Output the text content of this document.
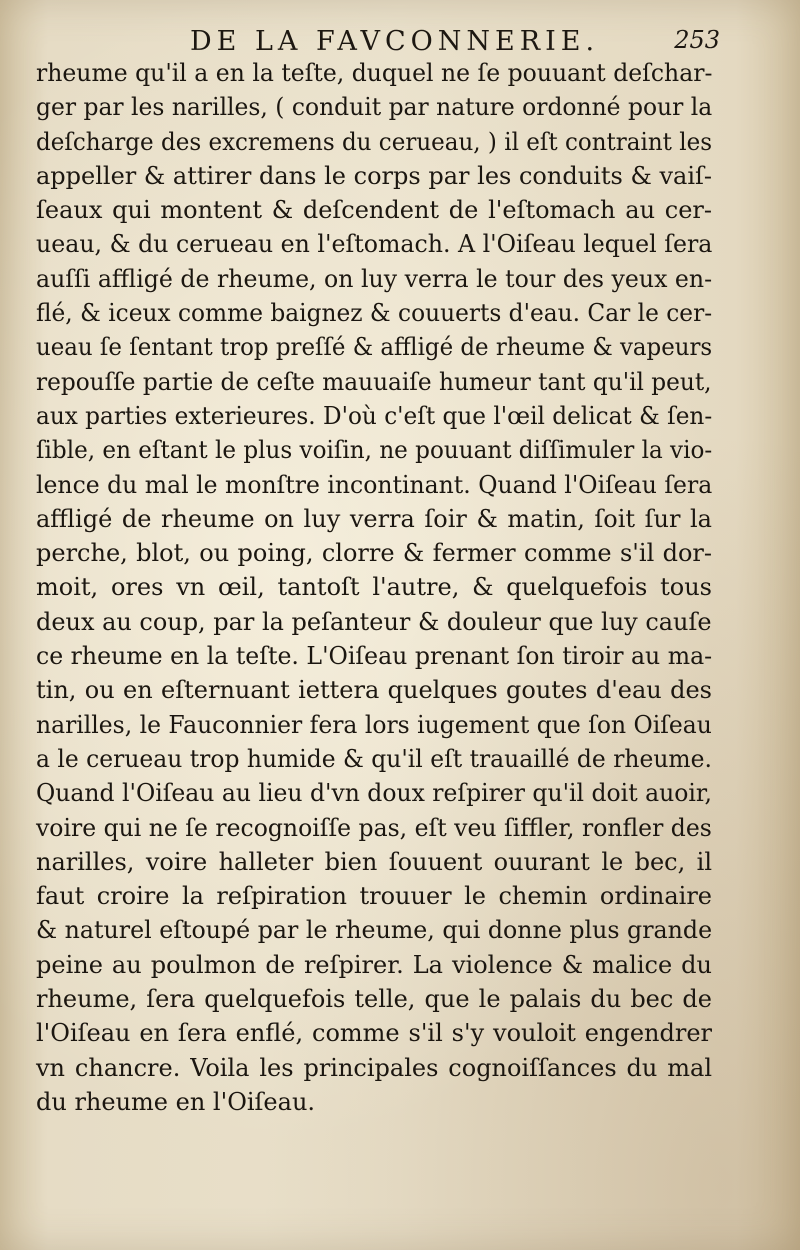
DE LA FAVCONNERIE.	253
rheume qu'il a en la teſte, duquel ne ſe pouuant deſchar-
ger par les narilles, ( conduit par nature ordonné pour la
deſcharge des excremens du cerueau, ) il eſt contraint les
appeller & attirer dans le corps par les conduits & vaiſ-
ſeaux qui montent & deſcendent de l'eſtomach au cer-
ueau, & du cerueau en l'eſtomach. A l'Oiſeau lequel ſera
auſſi affligé de rheume, on luy verra le tour des yeux en-
flé, & iceux comme baignez & couuerts d'eau. Car le cer-
ueau ſe ſentant trop preſſé & affligé de rheume & vapeurs
repouſſe partie de ceſte mauuaiſe humeur tant qu'il peut,
aux parties exterieures. D'où c'eſt que l'œil delicat & ſen-
ſible, en eſtant le plus voiſin, ne pouuant diſſimuler la vio-
lence du mal le monſtre incontinant. Quand l'Oiſeau ſera
affligé de rheume on luy verra ſoir & matin, ſoit ſur la
perche, blot, ou poing, clorre & fermer comme s'il dor-
moit, ores vn œil, tantoſt l'autre, & quelquefois tous
deux au coup, par la peſanteur & douleur que luy cauſe
ce rheume en la teſte. L'Oiſeau prenant ſon tiroir au ma-
tin, ou en eſternuant iettera quelques goutes d'eau des
narilles, le Fauconnier fera lors iugement que ſon Oiſeau
a le cerueau trop humide & qu'il eſt trauaillé de rheume.
Quand l'Oiſeau au lieu d'vn doux reſpirer qu'il doit auoir,
voire qui ne ſe recognoiſſe pas, eſt veu ſiffler, ronfler des
narilles, voire halleter bien ſouuent ouurant le bec, il
faut croire la reſpiration trouuer le chemin ordinaire
& naturel eſtoupé par le rheume, qui donne plus grande
peine au poulmon de reſpirer. La violence & malice du
rheume, ſera quelquefois telle, que le palais du bec de
l'Oiſeau en ſera enflé, comme s'il s'y vouloit engendrer
vn chancre. Voila les principales cognoiſſances du mal
du rheume en l'Oiſeau.
